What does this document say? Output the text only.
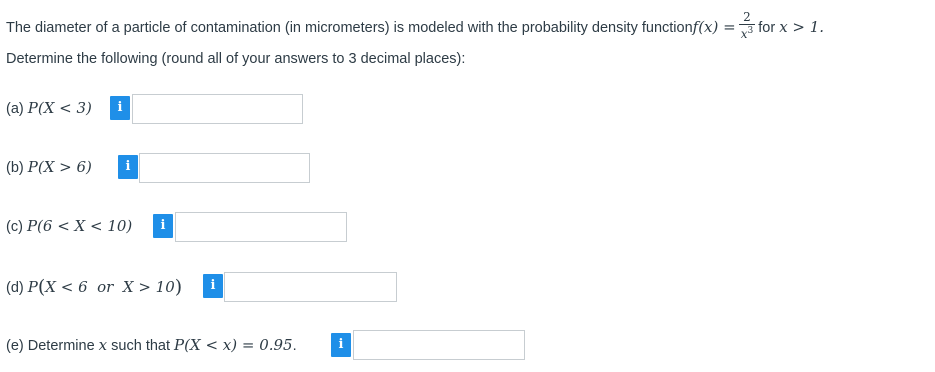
The diameter of a particle of contamination (in micrometers) is modeled with the probability density functionf(x) = $\frac{2}{x^3}$ for x > 1.
Determine the following (round all of your answers to 3 decimal places):
(a) P(X < 3)	i
(b) P(X > 6)	i
(c) P(6 < X < 10)	i
(d) P(X < 6  or  X > 10)	i
(e) Determine x such that P(X < x) = 0.95.	i
